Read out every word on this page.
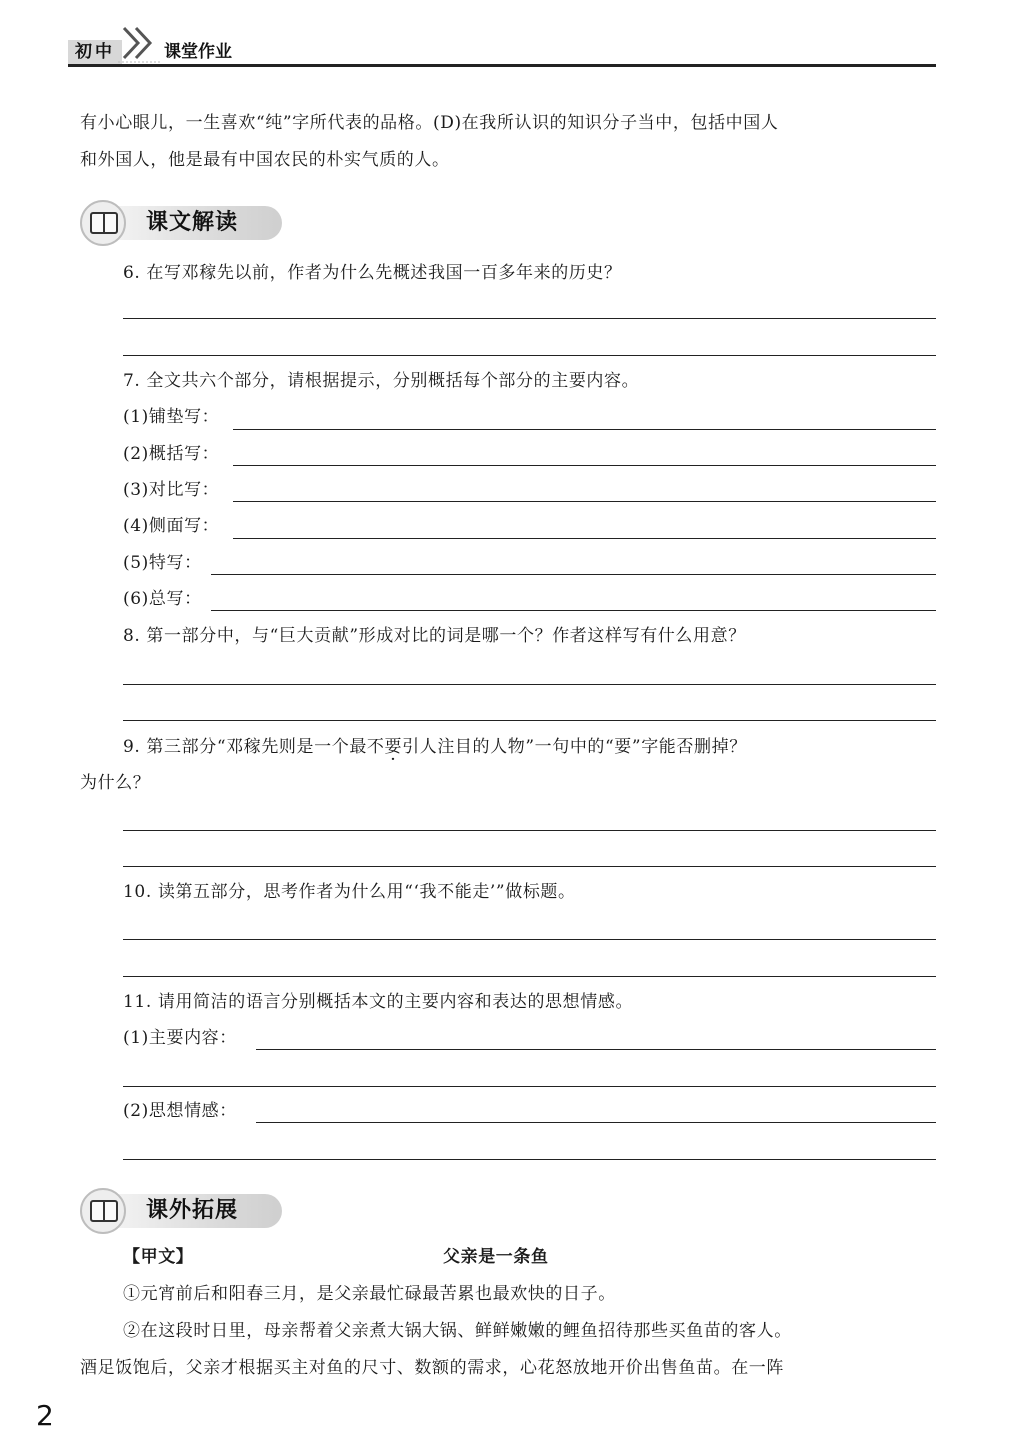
初中	课堂作业
有小心眼儿，一生喜欢“纯”字所代表的品格。(D)在我所认识的知识分子当中，包括中国人
和外国人，他是最有中国农民的朴实气质的人。
课文解读
6. 在写邓稼先以前，作者为什么先概述我国一百多年来的历史？
7. 全文共六个部分，请根据提示，分别概括每个部分的主要内容。
(1)铺垫写：
(2)概括写：
(3)对比写：
(4)侧面写：
(5)特写：
(6)总写：
8. 第一部分中，与“巨大贡献”形成对比的词是哪一个？作者这样写有什么用意？
9. 第三部分“邓稼先则是一个最不要引人注目的人物”一句中的“要”字能否删掉？
为什么？
10. 读第五部分，思考作者为什么用“‘我不能走’”做标题。
11. 请用简洁的语言分别概括本文的主要内容和表达的思想情感。
(1)主要内容：
(2)思想情感：
课外拓展
【甲文】	父亲是一条鱼
①元宵前后和阳春三月，是父亲最忙碌最苦累也最欢快的日子。
②在这段时日里，母亲帮着父亲煮大锅大锅、鲜鲜嫩嫩的鲤鱼招待那些买鱼苗的客人。
酒足饭饱后，父亲才根据买主对鱼的尺寸、数额的需求，心花怒放地开价出售鱼苗。在一阵
2
